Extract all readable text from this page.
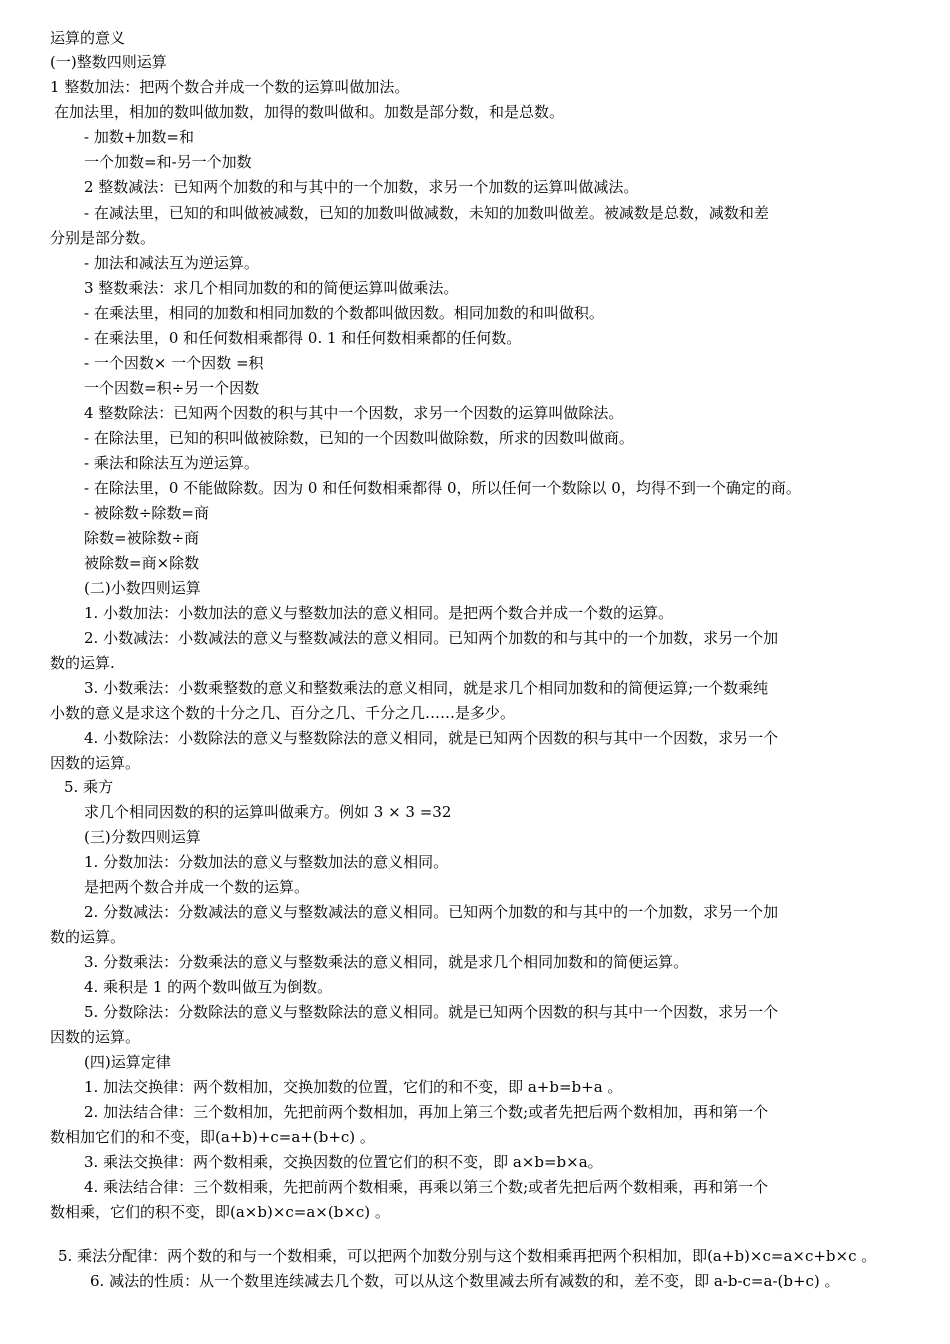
运算的意义
(一)整数四则运算
1 整数加法：把两个数合并成一个数的运算叫做加法。
在加法里，相加的数叫做加数，加得的数叫做和。加数是部分数，和是总数。
- 加数+加数=和
一个加数=和-另一个加数
2 整数减法：已知两个加数的和与其中的一个加数，求另一个加数的运算叫做减法。
- 在减法里，已知的和叫做被减数，已知的加数叫做减数，未知的加数叫做差。被减数是总数，减数和差
分别是部分数。
- 加法和减法互为逆运算。
3 整数乘法：求几个相同加数的和的简便运算叫做乘法。
- 在乘法里，相同的加数和相同加数的个数都叫做因数。相同加数的和叫做积。
- 在乘法里，0 和任何数相乘都得 0. 1 和任何数相乘都的任何数。
- 一个因数× 一个因数 =积
一个因数=积÷另一个因数
4 整数除法：已知两个因数的积与其中一个因数，求另一个因数的运算叫做除法。
- 在除法里，已知的积叫做被除数，已知的一个因数叫做除数，所求的因数叫做商。
- 乘法和除法互为逆运算。
- 在除法里，0 不能做除数。因为 0 和任何数相乘都得 0，所以任何一个数除以 0，均得不到一个确定的商。
- 被除数÷除数=商
除数=被除数÷商
被除数=商×除数
(二)小数四则运算
1. 小数加法：小数加法的意义与整数加法的意义相同。是把两个数合并成一个数的运算。
2. 小数减法：小数减法的意义与整数减法的意义相同。已知两个加数的和与其中的一个加数，求另一个加
数的运算.
3. 小数乘法：小数乘整数的意义和整数乘法的意义相同，就是求几个相同加数和的简便运算;一个数乘纯
小数的意义是求这个数的十分之几、百分之几、千分之几……是多少。
4. 小数除法：小数除法的意义与整数除法的意义相同，就是已知两个因数的积与其中一个因数，求另一个
因数的运算。
5. 乘方
求几个相同因数的积的运算叫做乘方。例如 3 × 3 =32
(三)分数四则运算
1. 分数加法：分数加法的意义与整数加法的意义相同。
是把两个数合并成一个数的运算。
2. 分数减法：分数减法的意义与整数减法的意义相同。已知两个加数的和与其中的一个加数，求另一个加
数的运算。
3. 分数乘法：分数乘法的意义与整数乘法的意义相同，就是求几个相同加数和的简便运算。
4. 乘积是 1 的两个数叫做互为倒数。
5. 分数除法：分数除法的意义与整数除法的意义相同。就是已知两个因数的积与其中一个因数，求另一个
因数的运算。
(四)运算定律
1. 加法交换律：两个数相加，交换加数的位置，它们的和不变，即 a+b=b+a 。
2. 加法结合律：三个数相加，先把前两个数相加，再加上第三个数;或者先把后两个数相加，再和第一个
数相加它们的和不变，即(a+b)+c=a+(b+c) 。
3. 乘法交换律：两个数相乘，交换因数的位置它们的积不变，即 a×b=b×a。
4. 乘法结合律：三个数相乘，先把前两个数相乘，再乘以第三个数;或者先把后两个数相乘，再和第一个
数相乘，它们的积不变，即(a×b)×c=a×(b×c) 。
5. 乘法分配律：两个数的和与一个数相乘，可以把两个加数分别与这个数相乘再把两个积相加，即(a+b)×c=a×c+b×c 。
6. 减法的性质：从一个数里连续减去几个数，可以从这个数里减去所有减数的和，差不变，即 a-b-c=a-(b+c) 。
